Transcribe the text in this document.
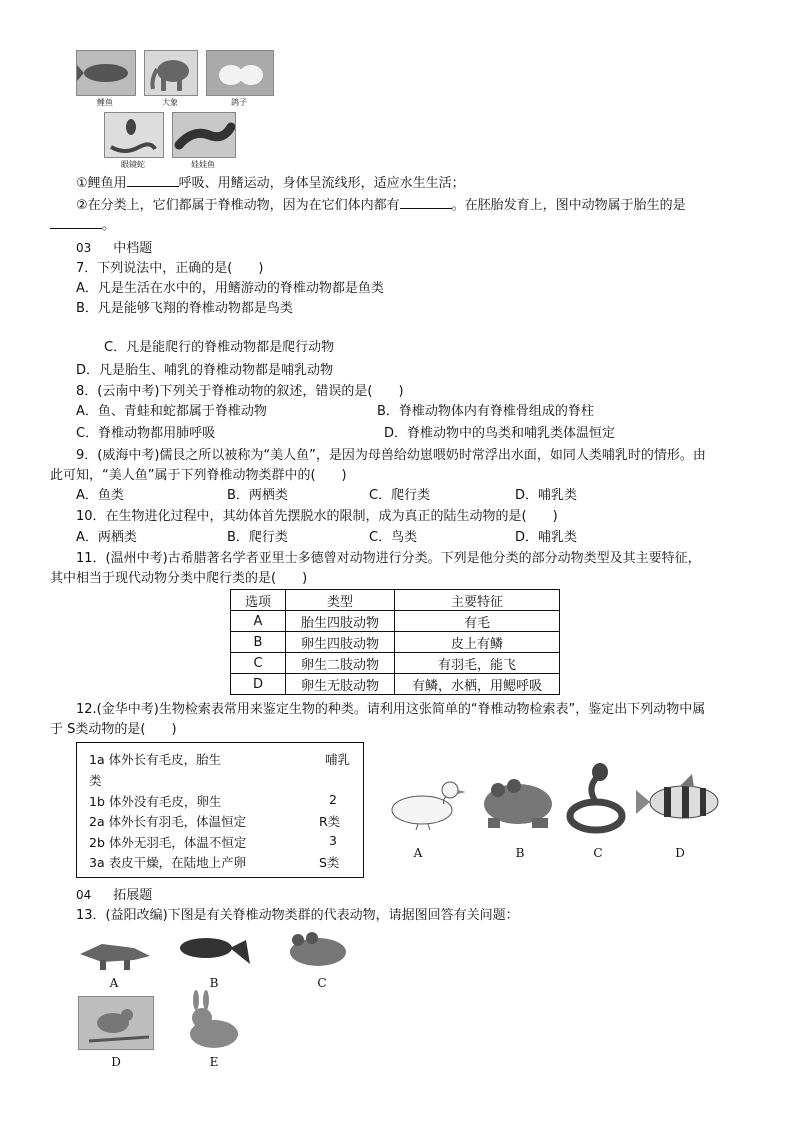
鲤鱼	大象	鸽子
眼镜蛇	娃娃鱼
①鲤鱼用	呼吸、用鳍运动，身体呈流线形，适应水生生活；
②在分类上，它们都属于脊椎动物，因为在它们体内都有	。在胚胎发育上，图中动物属于胎生的是
。
03 中档题
7．下列说法中，正确的是(　　)
A．凡是生活在水中的，用鳍游动的脊椎动物都是鱼类
B．凡是能够飞翔的脊椎动物都是鸟类
C．凡是能爬行的脊椎动物都是爬行动物
D．凡是胎生、哺乳的脊椎动物都是哺乳动物
8．(云南中考)下列关于脊椎动物的叙述，错误的是(　　)
A．鱼、青蛙和蛇都属于脊椎动物	B．脊椎动物体内有脊椎骨组成的脊柱
C．脊椎动物都用肺呼吸	D．脊椎动物中的鸟类和哺乳类体温恒定
9．(威海中考)儒艮之所以被称为“美人鱼”，是因为母兽给幼崽喂奶时常浮出水面，如同人类哺乳时的情形。由
此可知，“美人鱼”属于下列脊椎动物类群中的(　　)
A．鱼类	B．两栖类	C．爬行类	D．哺乳类
10．在生物进化过程中，其幼体首先摆脱水的限制，成为真正的陆生动物的是(　　)
A．两栖类	B．爬行类	C．鸟类	D．哺乳类
11．(温州中考)古希腊著名学者亚里士多德曾对动物进行分类。下列是他分类的部分动物类型及其主要特征，
其中相当于现代动物分类中爬行类的是(　　)
选项	类型	主要特征
A	胎生四肢动物	有毛
B	卵生四肢动物	皮上有鳞
C	卵生二肢动物	有羽毛，能飞
D	卵生无肢动物	有鳞，水栖，用鳃呼吸
12.(金华中考)生物检索表常用来鉴定生物的种类。请利用这张简单的“脊椎动物检索表”，鉴定出下列动物中属
于 S类动物的是(　　)
1a 体外长有毛皮，胎生	哺乳
类
1b 体外没有毛皮，卵生	2
2a 体外长有羽毛，体温恒定	R类
2b 体外无羽毛，体温不恒定	3
3a 表皮干燥，在陆地上产卵	S类
A	B	C	D
04 拓展题
13．(益阳改编)下图是有关脊椎动物类群的代表动物，请据图回答有关问题：
A	B	C
D	E
